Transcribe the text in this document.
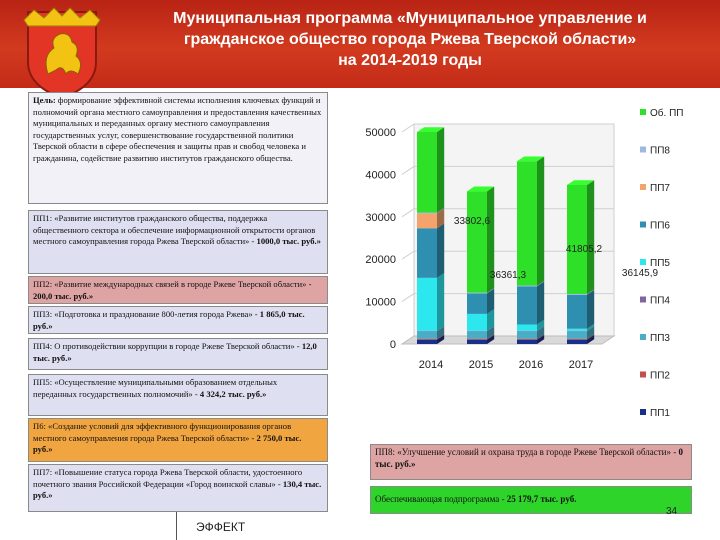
Муниципальная программа «Муниципальное управление и
гражданское общество города Ржева Тверской области»
на 2014-2019 годы
Цель: формирование эффективной системы исполнения ключевых функций и полномочий органа местного самоуправления и предоставления качественных муниципальных и переданных органу местного самоуправления государственных услуг, совершенствование государственной политики Тверской области в сфере обеспечения и защиты прав и свобод человека и гражданина, содействие развитию институтов гражданского общества.
ПП1: «Развитие институтов гражданского общества, поддержка общественного сектора и обеспечение информационной открытости органов местного самоуправления города Ржева Тверской области» - 1000,0 тыс. руб.»
ПП2: «Развитие международных связей в городе Ржеве Тверской области» - 200,0 тыс. руб.»
ПП3: «Подготовка и празднование 800-летия города Ржева» - 1 865,0 тыс. руб.»
ПП4: О противодействии коррупции в городе Ржеве Тверской области» - 12,0 тыс. руб.»
ПП5: «Осуществление муниципальными образованием отдельных переданных государственных полномочий» - 4 324,2 тыс. руб.»
П6: «Создание условий для эффективного функционирования органов местного самоуправления города Ржева Тверской области» - 2 750,0 тыс. руб.»
ПП7: «Повышение статуса города Ржева Тверской области, удостоенного почетного звания Российской Федерации «Город воинской славы» - 130,4 тыс. руб.»
ПП8: «Улучшение условий и охрана труда в городе Ржеве Тверской области» - 0 тыс. руб.»
Обеспечивающая подпрограмма - 25 179,7 тыс. руб.
ЭФФЕКТ
34
0
10000
20000
30000
40000
50000
2014 2015 2016 2017
33802,6
36361,3
41805,2
36145,9
Об. ПП
ПП8
ПП7
ПП6
ПП5
ПП4
ПП3
ПП2
ПП1
